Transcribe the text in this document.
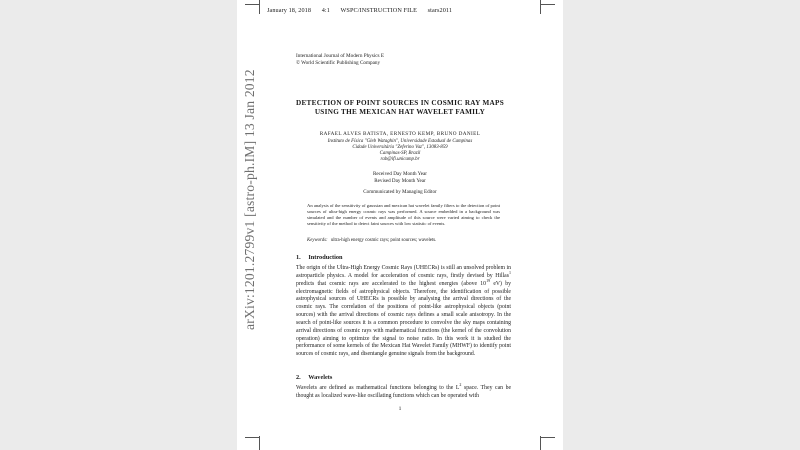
January 18, 2018 4:1 WSPC/INSTRUCTION FILE stars2011
International Journal of Modern Physics E
© World Scientific Publishing Company
DETECTION OF POINT SOURCES IN COSMIC RAY MAPS
USING THE MEXICAN HAT WAVELET FAMILY
RAFAEL ALVES BATISTA, ERNESTO KEMP, BRUNO DANIEL
Instituto de Física "Gleb Wataghin", Universidade Estadual de Campinas
Cidade Universitária "Zeferino Vaz", 13083-859
Campinas-SP, Brazil
rab@ifi.unicamp.br
Received Day Month Year
Revised Day Month Year
Communicated by Managing Editor
An analysis of the sensitivity of gaussian and mexican hat wavelet family filters to the detection of point sources of ultra-high energy cosmic rays was performed. A source embedded in a background was simulated and the number of events and amplitude of this source were varied aiming to check the sensitivity of the method to detect faint sources with low statistic of events.
Keywords: ultra-high energy cosmic rays; point sources; wavelets.
1. Introduction
The origin of the Ultra-High Energy Cosmic Rays (UHECRs) is still an unsolved problem in astroparticle physics. A model for acceleration of cosmic rays, firstly devised by Hillas$^1$ predicts that cosmic rays are accelerated to the highest energies (above $10^{19}$ eV) by electromagnetic fields of astrophysical objects. Therefore, the identification of possible astrophysical sources of UHECRs is possible by analysing the arrival directions of the cosmic rays. The correlation of the positions of point-like astrophysical objects (point sources) with the arrival directions of cosmic rays defines a small scale anisotropy. In the search of point-like sources it is a common procedure to convolve the sky maps containing arrival directions of cosmic rays with mathematical functions (the kernel of the convolution operation) aiming to optimize the signal to noise ratio. In this work it is studied the performance of some kernels of the Mexican Hat Wavelet Family (MHWF) to identify point sources of cosmic rays, and disentangle genuine signals from the background.
2. Wavelets
Wavelets are defined as mathematical functions belonging to the $L^2$ space. They can be thought as localized wave-like oscillating functions which can be operated with
1
arXiv:1201.2799v1 [astro-ph.IM] 13 Jan 2012
